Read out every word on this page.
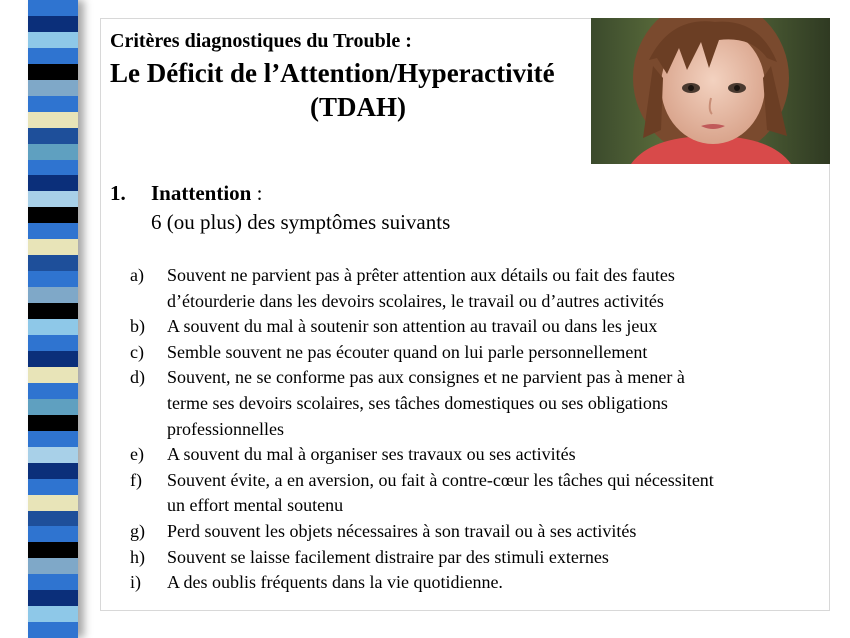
Critères diagnostiques du Trouble :
Le Déficit de l’Attention/Hyperactivité
(TDAH)
1. Inattention :
6 (ou plus) des symptômes suivants
a) Souvent ne parvient pas à prêter attention aux détails ou fait des fautes
d’étourderie dans les devoirs scolaires, le travail ou d’autres activités
b) A souvent du mal à soutenir son attention au travail ou dans les jeux
c) Semble souvent ne pas écouter quand on lui parle personnellement
d) Souvent, ne se conforme pas aux consignes et ne parvient pas à mener à
terme ses devoirs scolaires, ses tâches domestiques ou ses obligations
professionnelles
e) A souvent du mal à organiser ses travaux ou ses activités
f) Souvent évite, a en aversion, ou fait à contre-cœur les tâches qui nécessitent
un effort mental soutenu
g) Perd souvent les objets nécessaires à son travail ou à ses activités
h) Souvent se laisse facilement distraire par des stimuli externes
i) A des oublis fréquents dans la vie quotidienne.
